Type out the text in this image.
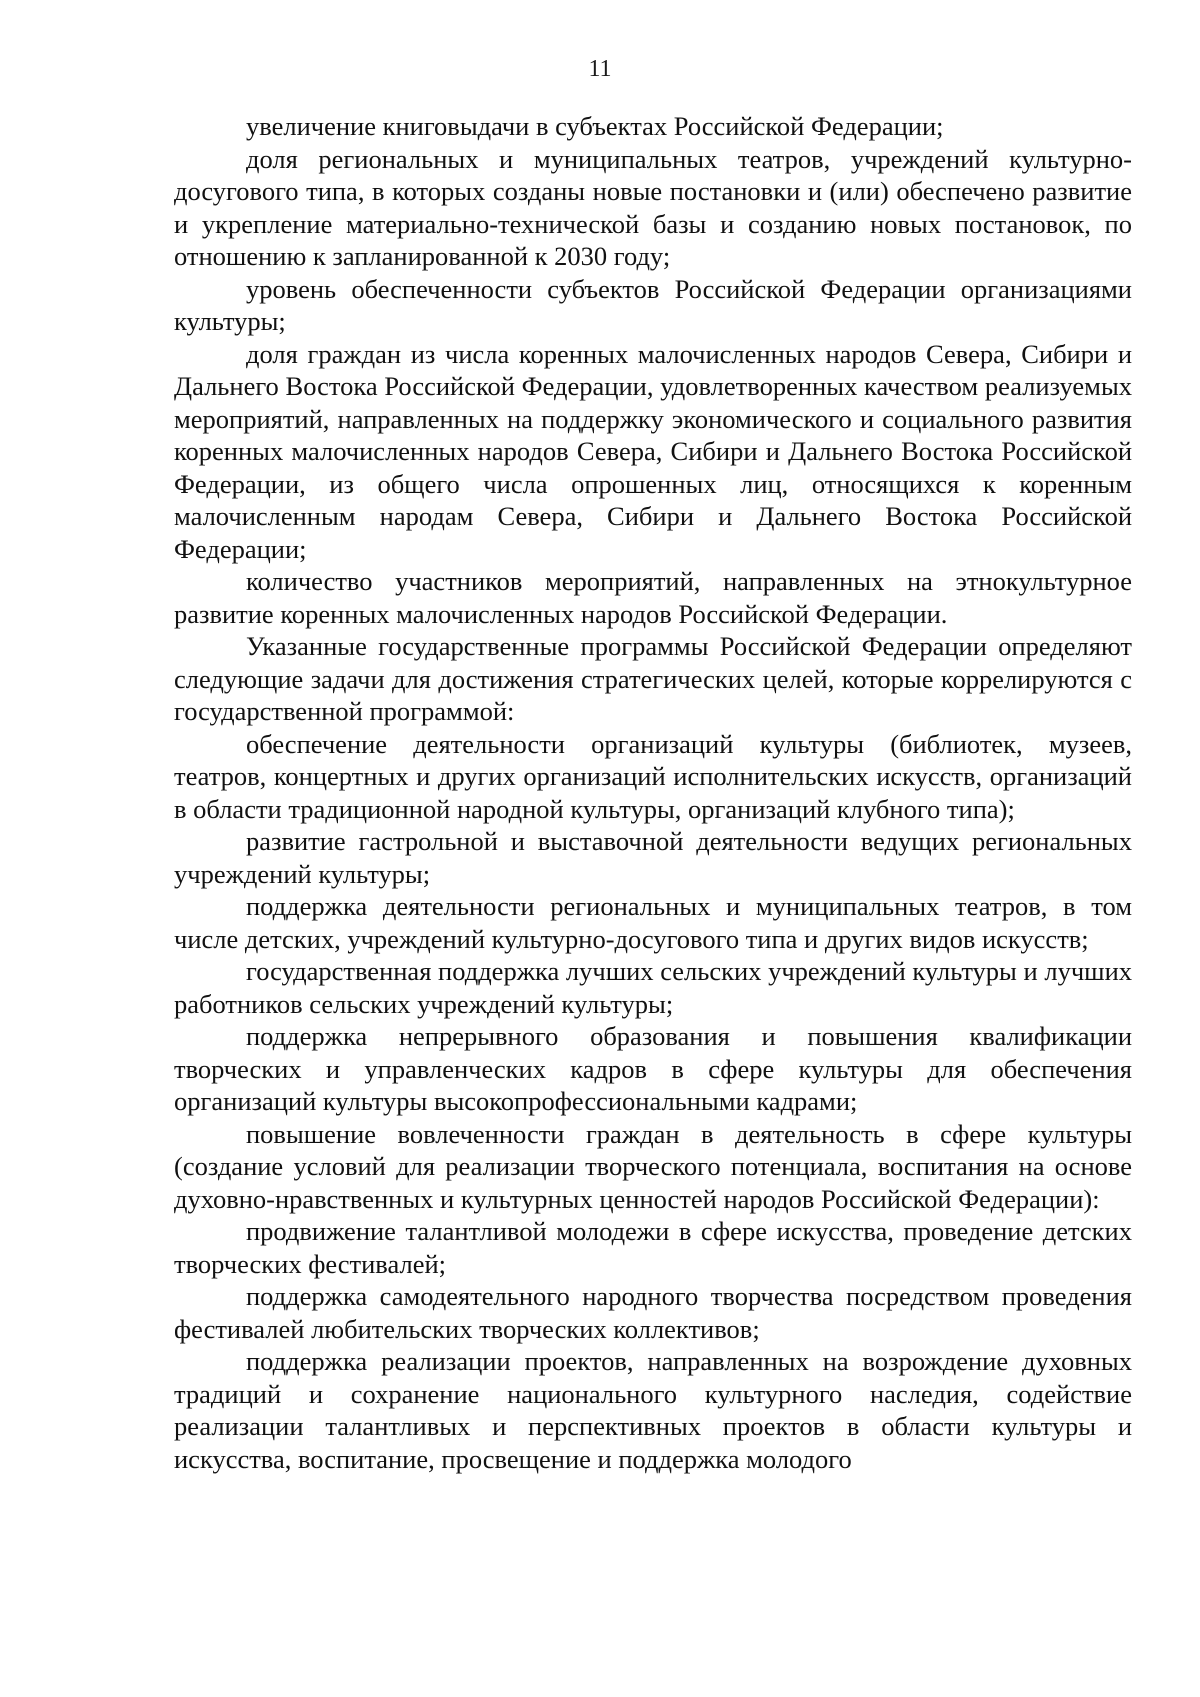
11

увеличение книговыдачи в субъектах Российской Федерации;

доля региональных и муниципальных театров, учреждений культурно-досугового типа, в которых созданы новые постановки и (или) обеспечено развитие и укрепление материально-технической базы и созданию новых постановок, по отношению к запланированной к 2030 году;

уровень обеспеченности субъектов Российской Федерации организациями культуры;

доля граждан из числа коренных малочисленных народов Севера, Сибири и Дальнего Востока Российской Федерации, удовлетворенных качеством реализуемых мероприятий, направленных на поддержку экономического и социального развития коренных малочисленных народов Севера, Сибири и Дальнего Востока Российской Федерации, из общего числа опрошенных лиц, относящихся к коренным малочисленным народам Севера, Сибири и Дальнего Востока Российской Федерации;

количество участников мероприятий, направленных на этнокультурное развитие коренных малочисленных народов Российской Федерации.

Указанные государственные программы Российской Федерации определяют следующие задачи для достижения стратегических целей, которые коррелируются с государственной программой:

обеспечение деятельности организаций культуры (библиотек, музеев, театров, концертных и других организаций исполнительских искусств, организаций в области традиционной народной культуры, организаций клубного типа);

развитие гастрольной и выставочной деятельности ведущих региональных учреждений культуры;

поддержка деятельности региональных и муниципальных театров, в том числе детских, учреждений культурно-досугового типа и других видов искусств;

государственная поддержка лучших сельских учреждений культуры и лучших работников сельских учреждений культуры;

поддержка непрерывного образования и повышения квалификации творческих и управленческих кадров в сфере культуры для обеспечения организаций культуры высокопрофессиональными кадрами;

повышение вовлеченности граждан в деятельность в сфере культуры (создание условий для реализации творческого потенциала, воспитания на основе духовно-нравственных и культурных ценностей народов Российской Федерации):

продвижение талантливой молодежи в сфере искусства, проведение детских творческих фестивалей;

поддержка самодеятельного народного творчества посредством проведения фестивалей любительских творческих коллективов;

поддержка реализации проектов, направленных на возрождение духовных традиций и сохранение национального культурного наследия, содействие реализации талантливых и перспективных проектов в области культуры и искусства, воспитание, просвещение и поддержка молодого
